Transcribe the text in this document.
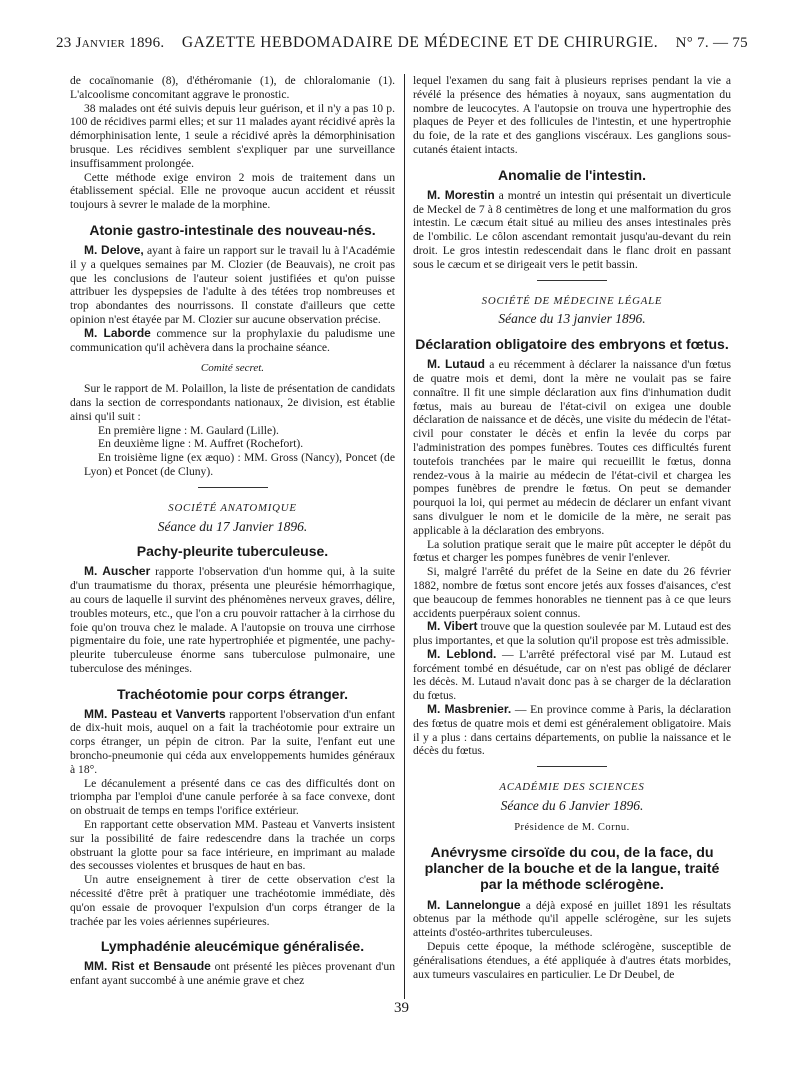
23 Janvier 1896. GAZETTE HEBDOMADAIRE DE MÉDECINE ET DE CHIRURGIE. N° 7. — 75

de cocaïnomanie (8), d'éthéromanie (1), de chloralomanie (1). L'alcoolisme concomitant aggrave le pronostic.

38 malades ont été suivis depuis leur guérison, et il n'y a pas 10 p. 100 de récidives parmi elles; et sur 11 malades ayant récidivé après la démorphinisation lente, 1 seule a récidivé après la démorphinisation brusque. Les récidives semblent s'expliquer par une surveillance insuffisamment prolongée.

Cette méthode exige environ 2 mois de traitement dans un établissement spécial. Elle ne provoque aucun accident et réussit toujours à sevrer le malade de la morphine.

Atonie gastro-intestinale des nouveau-nés.

M. Delove, ayant à faire un rapport sur le travail lu à l'Académie il y a quelques semaines par M. Clozier (de Beauvais), ne croit pas que les conclusions de l'auteur soient justifiées et qu'on puisse attribuer les dyspepsies de l'adulte à des tétées trop nombreuses et trop abondantes des nourrissons. Il constate d'ailleurs que cette opinion n'est étayée par M. Clozier sur aucune observation précise.

M. Laborde commence sur la prophylaxie du paludisme une communication qu'il achèvera dans la prochaine séance.

Comité secret.

Sur le rapport de M. Polaillon, la liste de présentation de candidats dans la section de correspondants nationaux, 2e division, est établie ainsi qu'il suit :

En première ligne : M. Gaulard (Lille).

En deuxième ligne : M. Auffret (Rochefort).

En troisième ligne (ex æquo) : MM. Gross (Nancy), Poncet (de Lyon) et Poncet (de Cluny).

SOCIÉTÉ ANATOMIQUE
Séance du 17 Janvier 1896.
Pachy-pleurite tuberculeuse.

M. Auscher rapporte l'observation d'un homme qui, à la suite d'un traumatisme du thorax, présenta une pleurésie hémorrhagique, au cours de laquelle il survint des phénomènes nerveux graves, délire, troubles moteurs, etc., que l'on a cru pouvoir rattacher à la cirrhose du foie qu'on trouva chez le malade. A l'autopsie on trouva une cirrhose pigmentaire du foie, une rate hypertrophiée et pigmentée, une pachy-pleurite tuberculeuse énorme sans tuberculose pulmonaire, une tuberculose des méninges.

Trachéotomie pour corps étranger.

MM. Pasteau et Vanverts rapportent l'observation d'un enfant de dix-huit mois, auquel on a fait la trachéotomie pour extraire un corps étranger, un pépin de citron. Par la suite, l'enfant eut une broncho-pneumonie qui céda aux enveloppements humides généraux à 18°.

Le décanulement a présenté dans ce cas des difficultés dont on triompha par l'emploi d'une canule perforée à sa face convexe, dont on obstruait de temps en temps l'orifice extérieur.

En rapportant cette observation MM. Pasteau et Vanverts insistent sur la possibilité de faire redescendre dans la trachée un corps obstruant la glotte pour sa face intérieure, en imprimant au malade des secousses violentes et brusques de haut en bas.

Un autre enseignement à tirer de cette observation c'est la nécessité d'être prêt à pratiquer une trachéotomie immédiate, dès qu'on essaie de provoquer l'expulsion d'un corps étranger de la trachée par les voies aériennes supérieures.

Lymphadénie aleucémique généralisée.

MM. Rist et Bensaude ont présenté les pièces provenant d'un enfant ayant succombé à une anémie grave et chez

lequel l'examen du sang fait à plusieurs reprises pendant la vie a révélé la présence des hématies à noyaux, sans augmentation du nombre de leucocytes. A l'autopsie on trouva une hypertrophie des plaques de Peyer et des follicules de l'intestin, et une hypertrophie du foie, de la rate et des ganglions viscéraux. Les ganglions sous-cutanés étaient intacts.

Anomalie de l'intestin.

M. Morestin a montré un intestin qui présentait un diverticule de Meckel de 7 à 8 centimètres de long et une malformation du gros intestin. Le cæcum était situé au milieu des anses intestinales près de l'ombilic. Le côlon ascendant remontait jusqu'au-devant du rein droit. Le gros intestin redescendait dans le flanc droit en passant sous le cæcum et se dirigeait vers le petit bassin.

SOCIÉTÉ DE MÉDECINE LÉGALE
Séance du 13 janvier 1896.
Déclaration obligatoire des embryons et fœtus.

M. Lutaud a eu récemment à déclarer la naissance d'un fœtus de quatre mois et demi, dont la mère ne voulait pas se faire connaître. Il fit une simple déclaration aux fins d'inhumation dudit fœtus, mais au bureau de l'état-civil on exigea une double déclaration de naissance et de décès, une visite du médecin de l'état-civil pour constater le décès et enfin la levée du corps par l'administration des pompes funèbres. Toutes ces difficultés furent toutefois tranchées par le maire qui recueillit le fœtus, donna rendez-vous à la mairie au médecin de l'état-civil et chargea les pompes funèbres de prendre le fœtus. On peut se demander pourquoi la loi, qui permet au médecin de déclarer un enfant vivant sans divulguer le nom et le domicile de la mère, ne serait pas applicable à la déclaration des embryons.

La solution pratique serait que le maire pût accepter le dépôt du fœtus et charger les pompes funèbres de venir l'enlever.

Si, malgré l'arrêté du préfet de la Seine en date du 26 février 1882, nombre de fœtus sont encore jetés aux fosses d'aisances, c'est que beaucoup de femmes honorables ne tiennent pas à ce que leurs accidents puerpéraux soient connus.

M. Vibert trouve que la question soulevée par M. Lutaud est des plus importantes, et que la solution qu'il propose est très admissible.

M. Leblond. — L'arrêté préfectoral visé par M. Lutaud est forcément tombé en désuétude, car on n'est pas obligé de déclarer les décès. M. Lutaud n'avait donc pas à se charger de la déclaration du fœtus.

M. Masbrenier. — En province comme à Paris, la déclaration des fœtus de quatre mois et demi est généralement obligatoire. Mais il y a plus : dans certains départements, on publie la naissance et le décès du fœtus.

ACADÉMIE DES SCIENCES
Séance du 6 Janvier 1896.
Présidence de M. Cornu.
Anévrysme cirsoïde du cou, de la face, du plancher de la bouche et de la langue, traité par la méthode sclérogène.

M. Lannelongue a déjà exposé en juillet 1891 les résultats obtenus par la méthode qu'il appelle sclérogène, sur les sujets atteints d'ostéo-arthrites tuberculeuses.

Depuis cette époque, la méthode sclérogène, susceptible de généralisations étendues, a été appliquée à d'autres états morbides, aux tumeurs vasculaires en particulier. Le Dr Deubel, de

39
